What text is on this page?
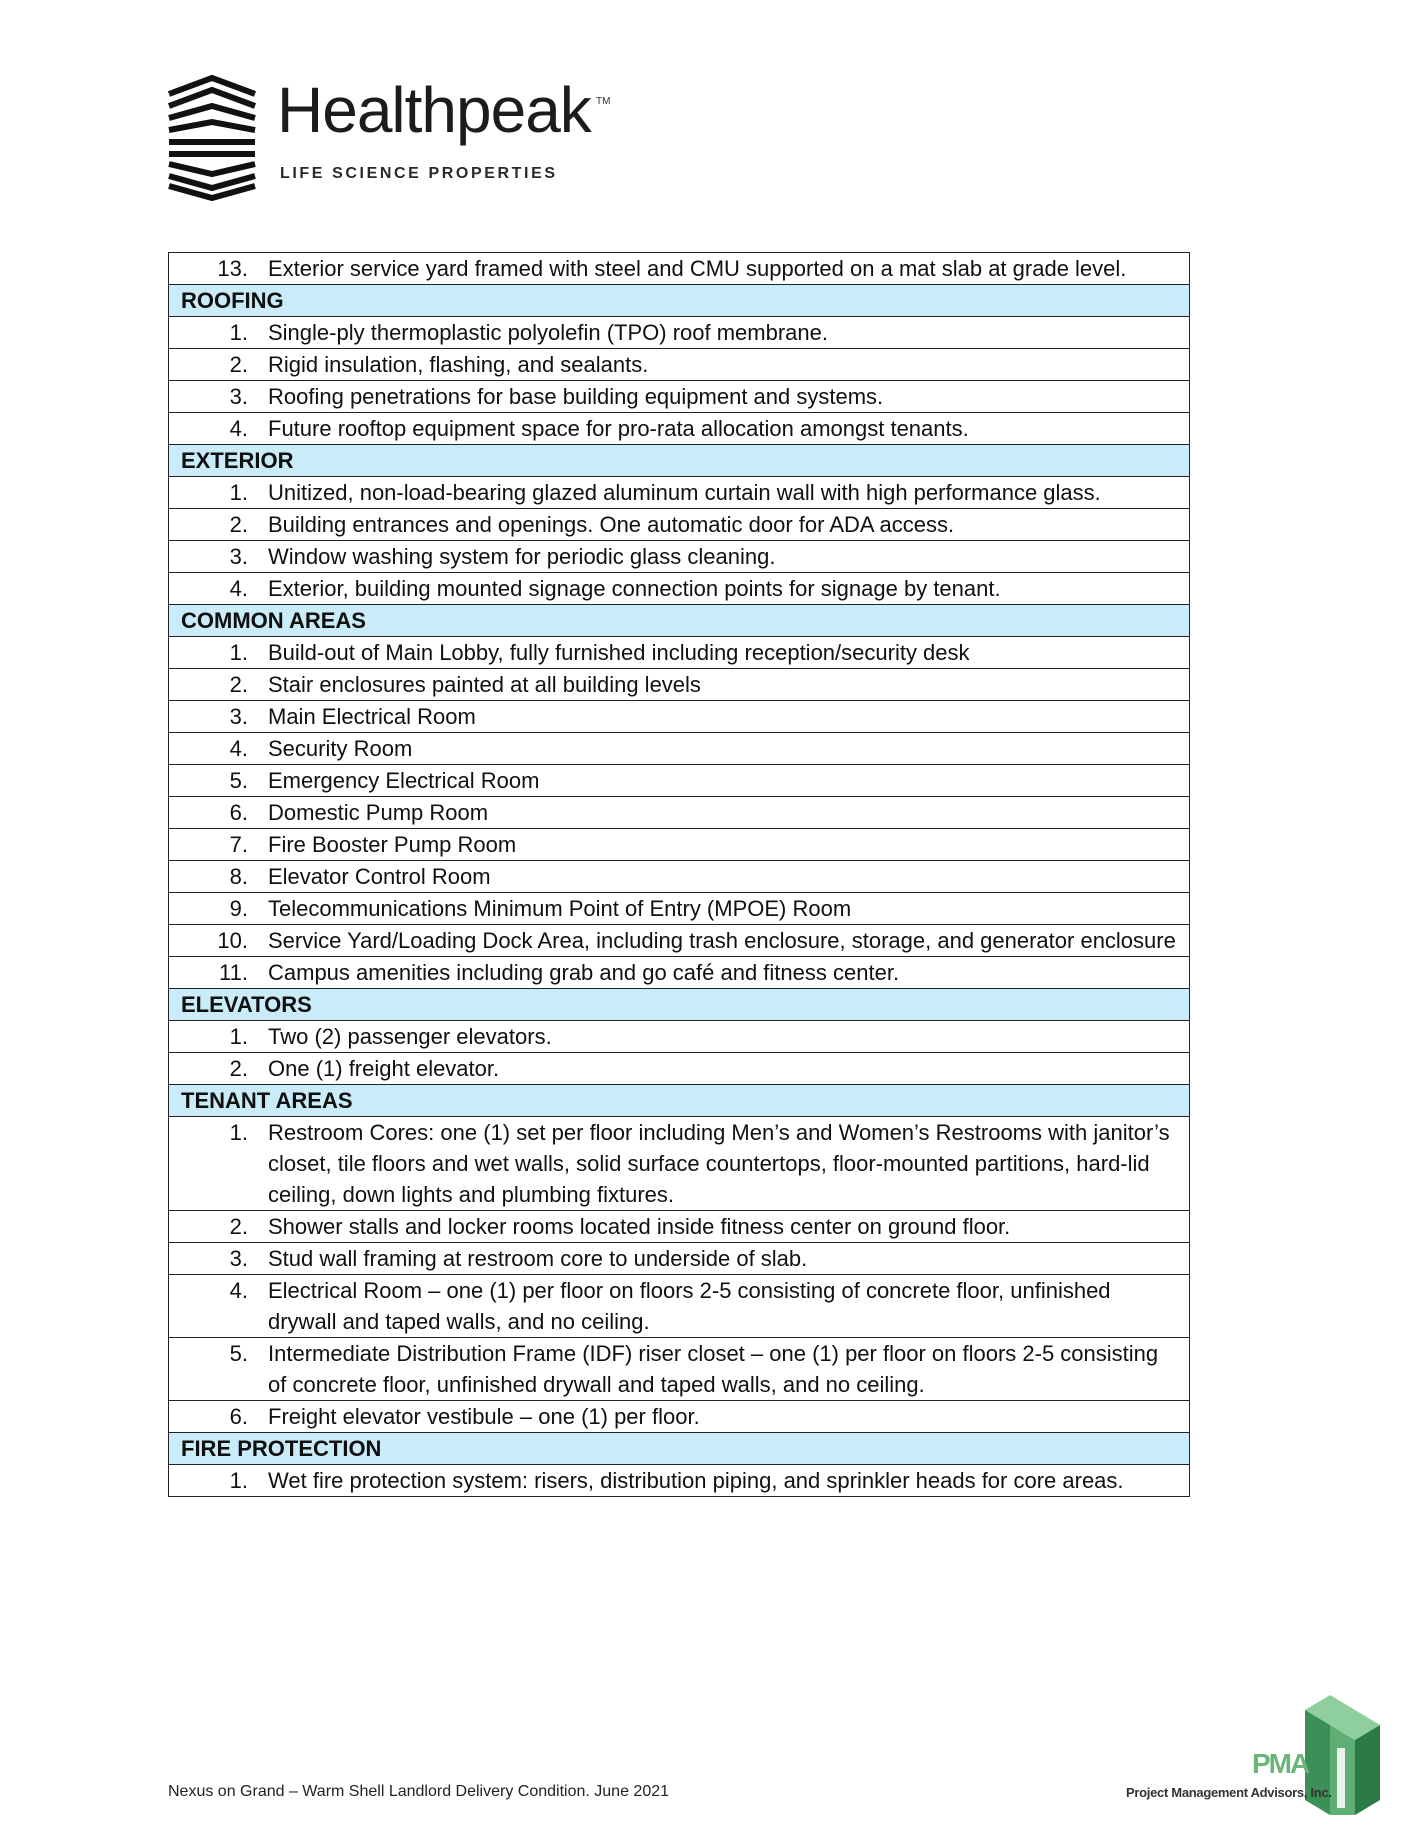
Healthpeak TM
LIFE SCIENCE PROPERTIES
13. Exterior service yard framed with steel and CMU supported on a mat slab at grade level.

ROOFING

1. Single-ply thermoplastic polyolefin (TPO) roof membrane.

2. Rigid insulation, flashing, and sealants.

3. Roofing penetrations for base building equipment and systems.

4. Future rooftop equipment space for pro-rata allocation amongst tenants.

EXTERIOR

1. Unitized, non-load-bearing glazed aluminum curtain wall with high performance glass.

2. Building entrances and openings. One automatic door for ADA access.

3. Window washing system for periodic glass cleaning.

4. Exterior, building mounted signage connection points for signage by tenant.

COMMON AREAS

1. Build-out of Main Lobby, fully furnished including reception/security desk

2. Stair enclosures painted at all building levels

3. Main Electrical Room

4. Security Room

5. Emergency Electrical Room

6. Domestic Pump Room

7. Fire Booster Pump Room

8. Elevator Control Room

9. Telecommunications Minimum Point of Entry (MPOE) Room

10. Service Yard/Loading Dock Area, including trash enclosure, storage, and generator enclosure

11. Campus amenities including grab and go café and fitness center.

ELEVATORS

1. Two (2) passenger elevators.

2. One (1) freight elevator.

TENANT AREAS

1. Restroom Cores: one (1) set per floor including Men’s and Women’s Restrooms with janitor’s closet, tile floors and wet walls, solid surface countertops, floor-mounted partitions, hard-lid ceiling, down lights and plumbing fixtures.

2. Shower stalls and locker rooms located inside fitness center on ground floor.

3. Stud wall framing at restroom core to underside of slab.

4. Electrical Room – one (1) per floor on floors 2-5 consisting of concrete floor, unfinished drywall and taped walls, and no ceiling.

5. Intermediate Distribution Frame (IDF) riser closet – one (1) per floor on floors 2-5 consisting of concrete floor, unfinished drywall and taped walls, and no ceiling.

6. Freight elevator vestibule – one (1) per floor.

FIRE PROTECTION

1. Wet fire protection system: risers, distribution piping, and sprinkler heads for core areas.
Nexus on Grand – Warm Shell Landlord Delivery Condition. June 2021
PMA
Project Management Advisors, Inc.
